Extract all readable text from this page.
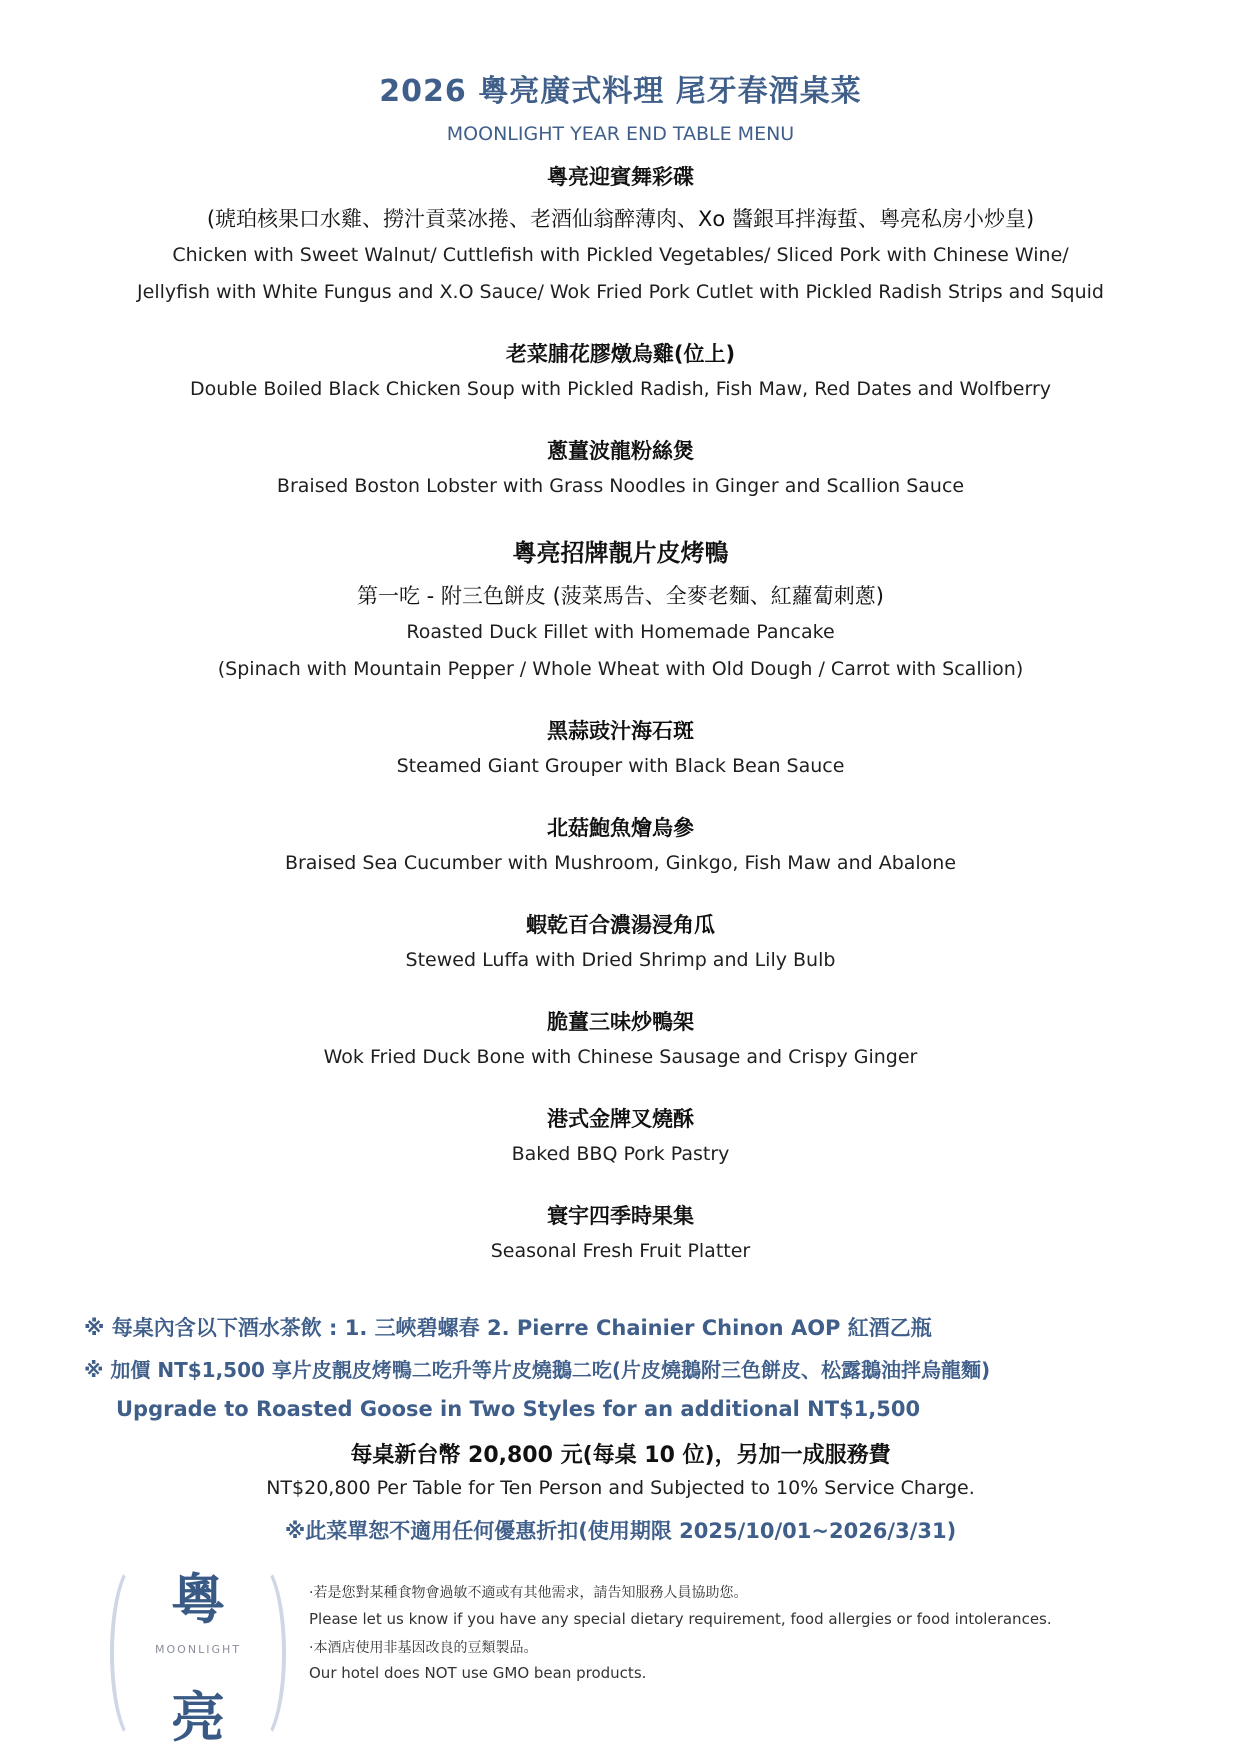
2026 粵亮廣式料理 尾牙春酒桌菜
MOONLIGHT YEAR END TABLE MENU
粵亮迎賓舞彩碟
(琥珀核果口水雞、撈汁貢菜冰捲、老酒仙翁醉薄肉、Xo 醬銀耳拌海蜇、粵亮私房小炒皇)
Chicken with Sweet Walnut/ Cuttlefish with Pickled Vegetables/ Sliced Pork with Chinese Wine/
Jellyfish with White Fungus and X.O Sauce/ Wok Fried Pork Cutlet with Pickled Radish Strips and Squid
老菜脯花膠燉烏雞(位上)
Double Boiled Black Chicken Soup with Pickled Radish, Fish Maw, Red Dates and Wolfberry
蔥薑波龍粉絲煲
Braised Boston Lobster with Grass Noodles in Ginger and Scallion Sauce
粵亮招牌靚片皮烤鴨
第一吃 - 附三色餅皮 (菠菜馬告、全麥老麵、紅蘿蔔刺蔥)
Roasted Duck Fillet with Homemade Pancake
(Spinach with Mountain Pepper / Whole Wheat with Old Dough / Carrot with Scallion)
黑蒜豉汁海石斑
Steamed Giant Grouper with Black Bean Sauce
北菇鮑魚燴烏參
Braised Sea Cucumber with Mushroom, Ginkgo, Fish Maw and Abalone
蝦乾百合濃湯浸角瓜
Stewed Luffa with Dried Shrimp and Lily Bulb
脆薑三味炒鴨架
Wok Fried Duck Bone with Chinese Sausage and Crispy Ginger
港式金牌叉燒酥
Baked BBQ Pork Pastry
寰宇四季時果集
Seasonal Fresh Fruit Platter
※ 每桌內含以下酒水茶飲 : 1. 三峽碧螺春 2. Pierre Chainier Chinon AOP 紅酒乙瓶
※ 加價 NT$1,500 享片皮靚皮烤鴨二吃升等片皮燒鵝二吃(片皮燒鵝附三色餅皮、松露鵝油拌烏龍麵)
Upgrade to Roasted Goose in Two Styles for an additional NT$1,500
每桌新台幣 20,800 元(每桌 10 位)，另加一成服務費
NT$20,800 Per Table for Ten Person and Subjected to 10% Service Charge.
※此菜單恕不適用任何優惠折扣(使用期限 2025/10/01~2026/3/31)
粵
MOONLIGHT
亮
·若是您對某種食物會過敏不適或有其他需求，請告知服務人員協助您。
Please let us know if you have any special dietary requirement, food allergies or food intolerances.
·本酒店使用非基因改良的豆類製品。
Our hotel does NOT use GMO bean products.
